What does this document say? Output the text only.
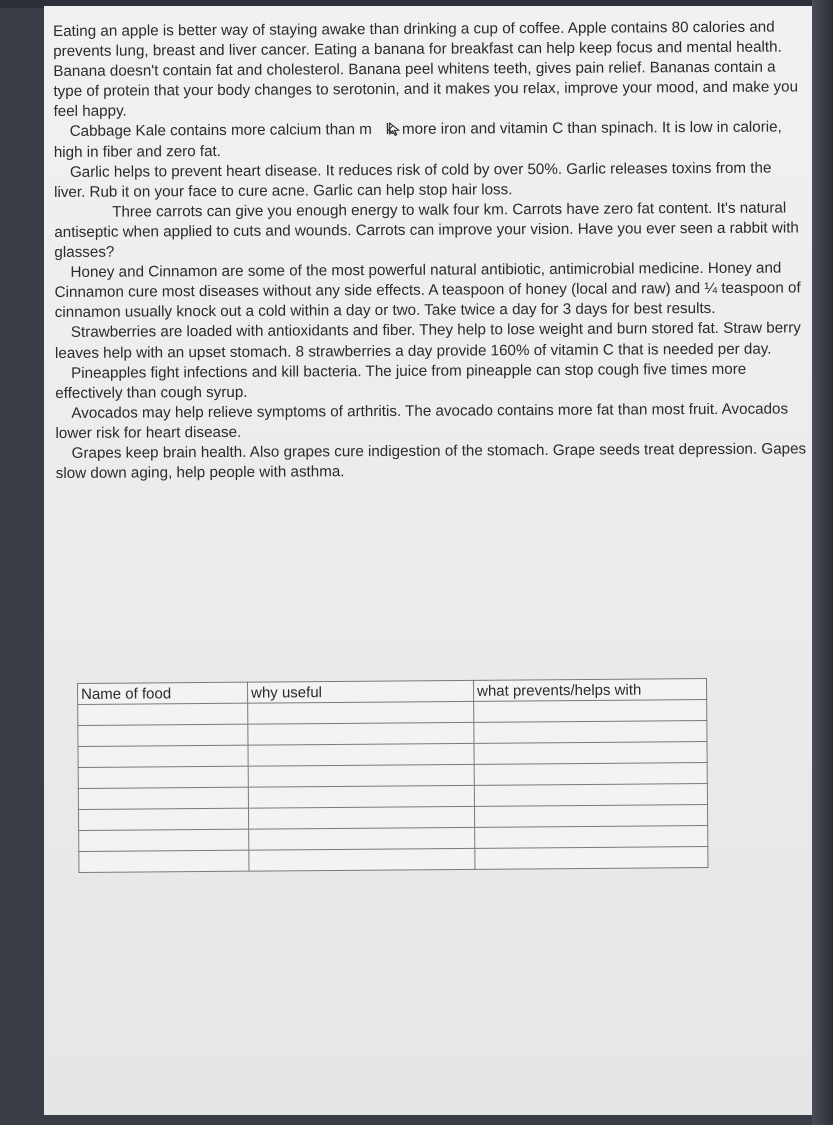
Eating an apple is better way of staying awake than drinking a cup of coffee. Apple contains 80 calories and prevents lung, breast and liver cancer. Eating a banana for breakfast can help keep focus and mental health. Banana doesn't contain fat and cholesterol. Banana peel whitens teeth, gives pain relief. Bananas contain a type of protein that your body changes to serotonin, and it makes you relax, improve your mood, and make you feel happy.

Cabbage Kale contains more calcium than m k, more iron and vitamin C than spinach. It is low in calorie, high in fiber and zero fat.

Garlic helps to prevent heart disease. It reduces risk of cold by over 50%. Garlic releases toxins from the liver. Rub it on your face to cure acne. Garlic can help stop hair loss.

Three carrots can give you enough energy to walk four km. Carrots have zero fat content. It's natural antiseptic when applied to cuts and wounds. Carrots can improve your vision. Have you ever seen a rabbit with glasses?

Honey and Cinnamon are some of the most powerful natural antibiotic, antimicrobial medicine. Honey and Cinnamon cure most diseases without any side effects. A teaspoon of honey (local and raw) and ¼ teaspoon of cinnamon usually knock out a cold within a day or two. Take twice a day for 3 days for best results.

Strawberries are loaded with antioxidants and fiber. They help to lose weight and burn stored fat. Straw berry leaves help with an upset stomach. 8 strawberries a day provide 160% of vitamin C that is needed per day.

Pineapples fight infections and kill bacteria. The juice from pineapple can stop cough five times more effectively than cough syrup.

Avocados may help relieve symptoms of arthritis. The avocado contains more fat than most fruit. Avocados lower risk for heart disease.

Grapes keep brain health. Also grapes cure indigestion of the stomach. Grape seeds treat depression. Gapes slow down aging, help people with asthma.

Name of food	why useful	what prevents/helps with
